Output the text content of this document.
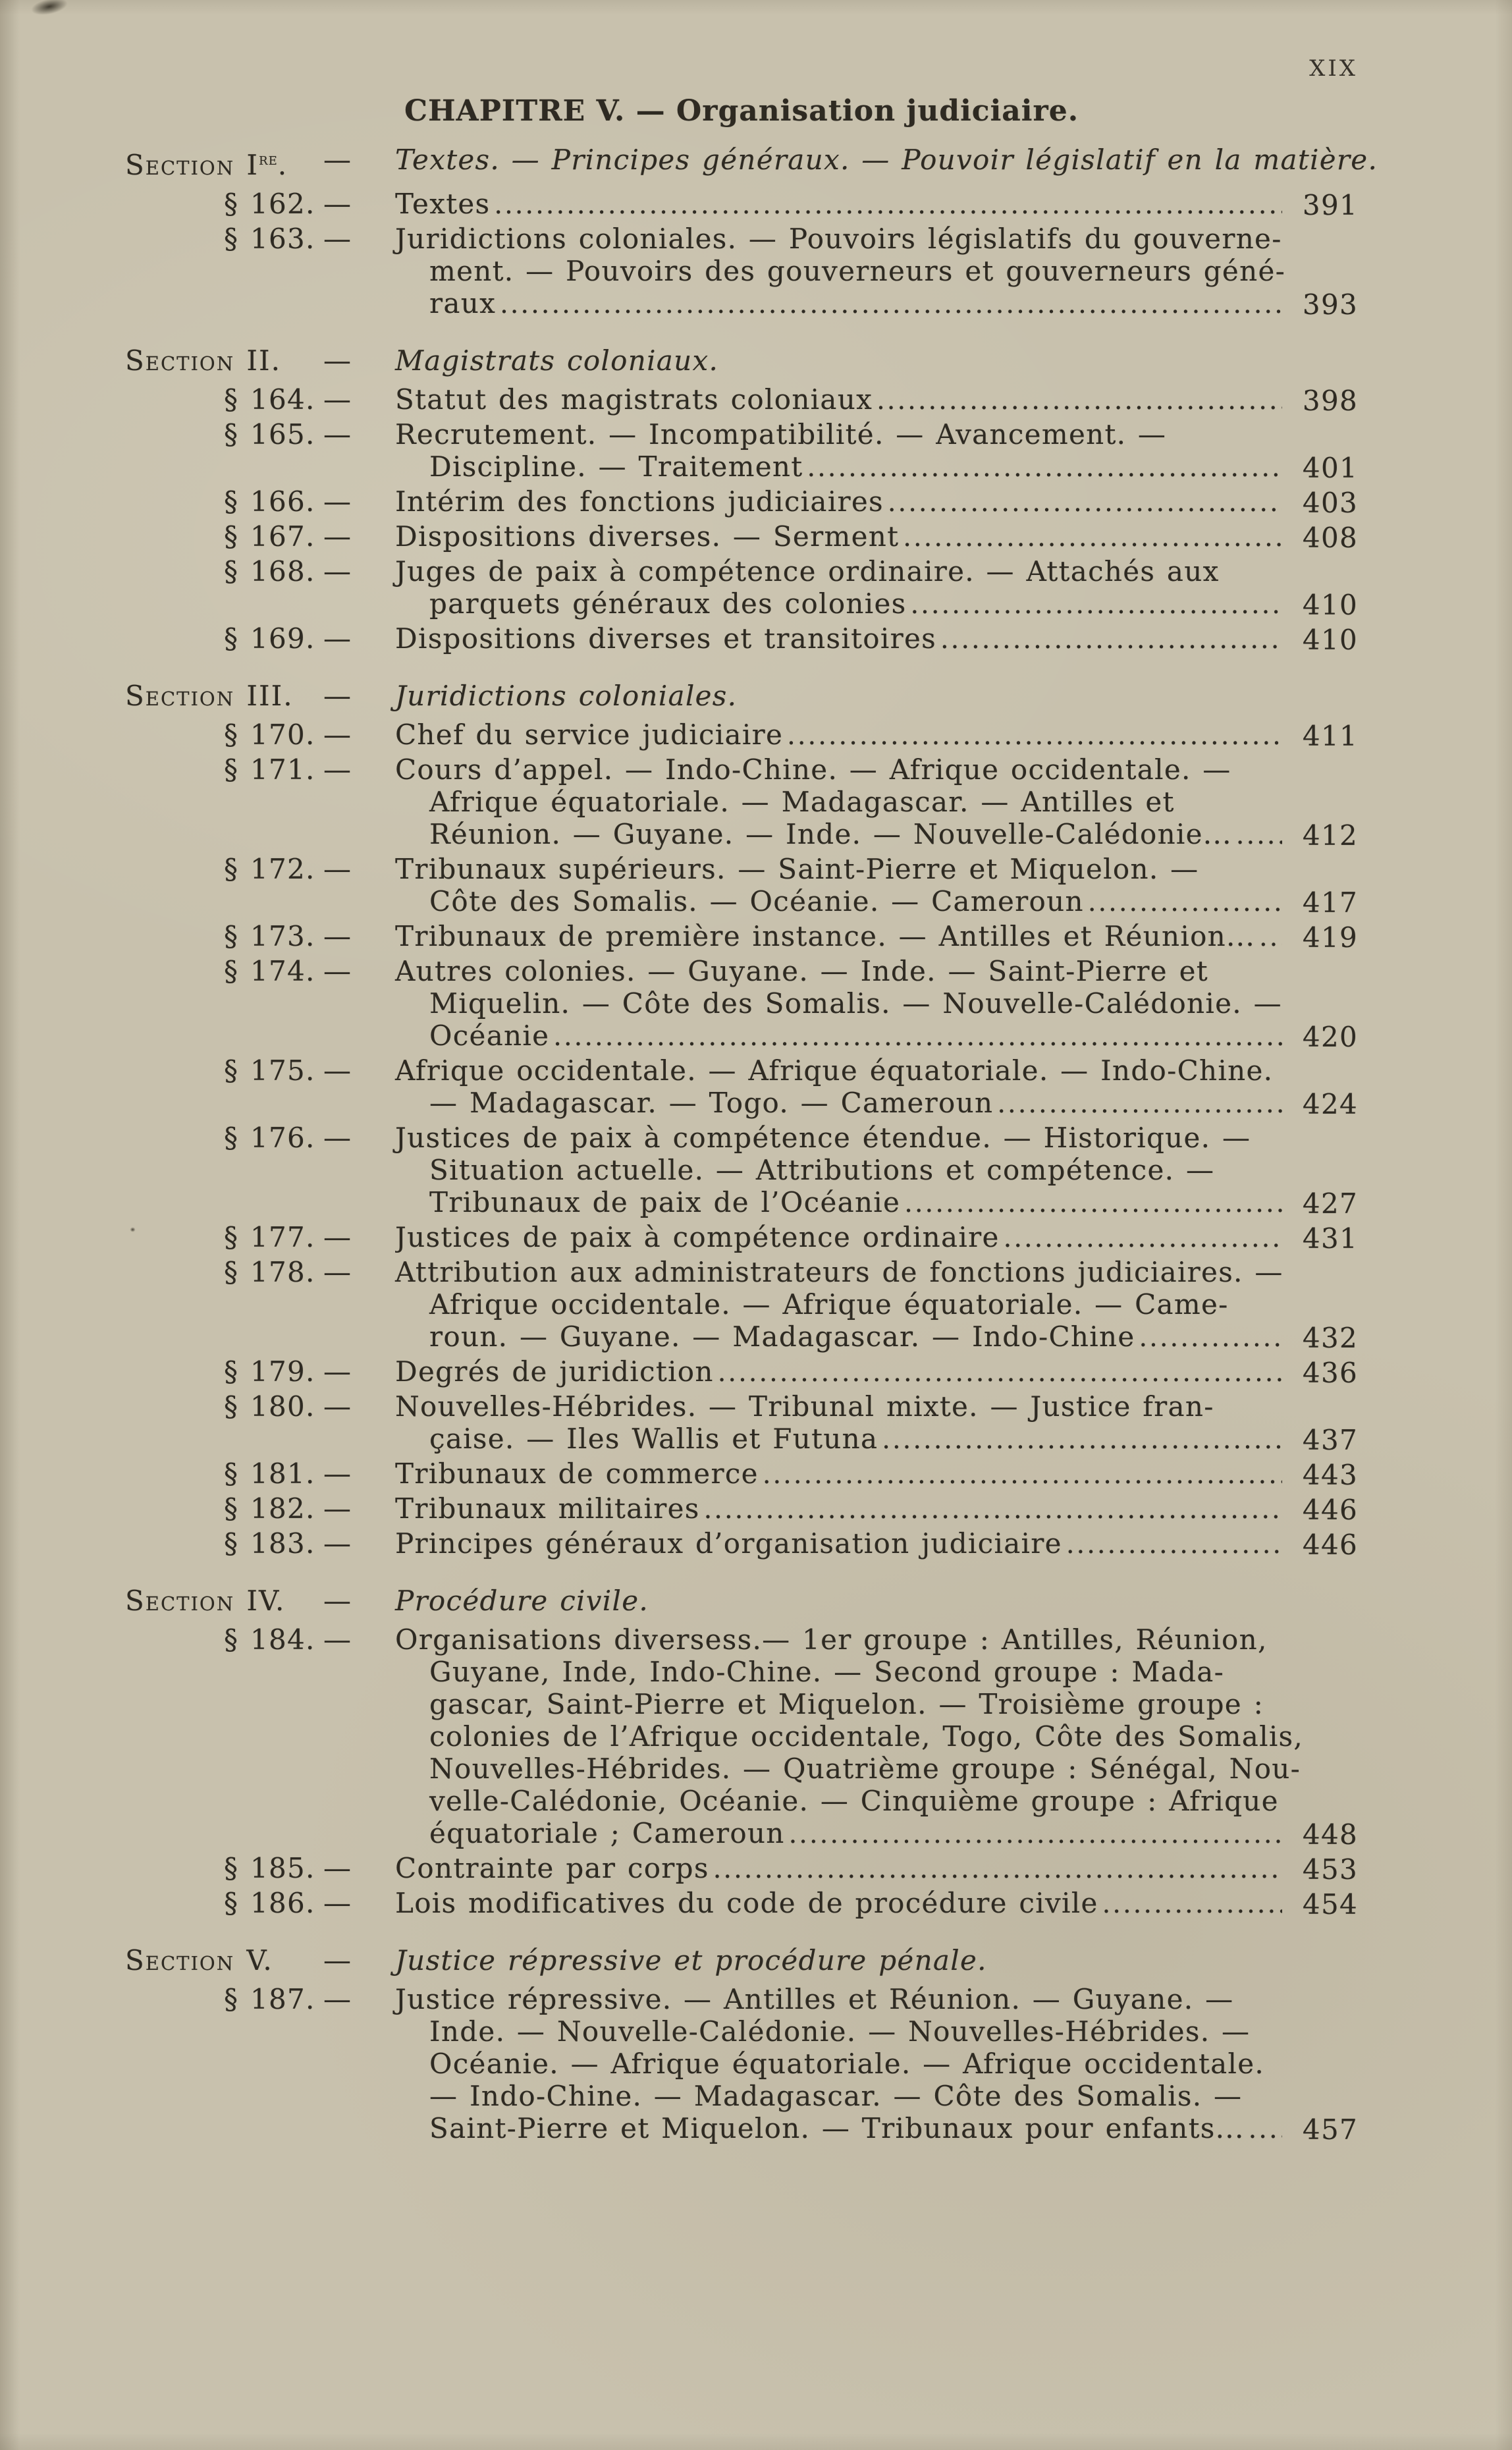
XIX
CHAPITRE V. — Organisation judiciaire.
Section Ire.	—	Textes. — Principes généraux. — Pouvoir législatif en la matière.
§ 162. —	Textes .....	391
§ 163. —	Juridictions coloniales. — Pouvoirs législatifs du gouverne-
ment. — Pouvoirs des gouverneurs et gouverneurs géné-
raux .....	393
Section II.	—	Magistrats coloniaux.
§ 164. —	Statut des magistrats coloniaux .....	398
§ 165. —	Recrutement. — Incompatibilité. — Avancement. —
Discipline. — Traitement .....	401
§ 166. —	Intérim des fonctions judiciaires .....	403
§ 167. —	Dispositions diverses. — Serment .....	408
§ 168. —	Juges de paix à compétence ordinaire. — Attachés aux
parquets généraux des colonies .....	410
§ 169. —	Dispositions diverses et transitoires .....	410
Section III.	—	Juridictions coloniales.
§ 170. —	Chef du service judiciaire .....	411
§ 171. —	Cours d’appel. — Indo-Chine. — Afrique occidentale. —
Afrique équatoriale. — Madagascar. — Antilles et
Réunion. — Guyane. — Inde. — Nouvelle-Calédonie... .....	412
§ 172. —	Tribunaux supérieurs. — Saint-Pierre et Miquelon. —
Côte des Somalis. — Océanie. — Cameroun .....	417
§ 173. —	Tribunaux de première instance. — Antilles et Réunion... .....	419
§ 174. —	Autres colonies. — Guyane. — Inde. — Saint-Pierre et
Miquelin. — Côte des Somalis. — Nouvelle-Calédonie. —
Océanie .....	420
§ 175. —	Afrique occidentale. — Afrique équatoriale. — Indo-Chine.
— Madagascar. — Togo. — Cameroun .....	424
§ 176. —	Justices de paix à compétence étendue. — Historique. —
Situation actuelle. — Attributions et compétence. —
Tribunaux de paix de l’Océanie .....	427
§ 177. —	Justices de paix à compétence ordinaire .....	431
§ 178. —	Attribution aux administrateurs de fonctions judiciaires. —
Afrique occidentale. — Afrique équatoriale. — Came-
roun. — Guyane. — Madagascar. — Indo-Chine .....	432
§ 179. —	Degrés de juridiction .....	436
§ 180. —	Nouvelles-Hébrides. — Tribunal mixte. — Justice fran-
çaise. — Iles Wallis et Futuna .....	437
§ 181. —	Tribunaux de commerce .....	443
§ 182. —	Tribunaux militaires .....	446
§ 183. —	Principes généraux d’organisation judiciaire .....	446
Section IV.	—	Procédure civile.
§ 184. —	Organisations diversess.— 1er groupe : Antilles, Réunion,
Guyane, Inde, Indo-Chine. — Second groupe : Mada-
gascar, Saint-Pierre et Miquelon. — Troisième groupe :
colonies de l’Afrique occidentale, Togo, Côte des Somalis,
Nouvelles-Hébrides. — Quatrième groupe : Sénégal, Nou-
velle-Calédonie, Océanie. — Cinquième groupe : Afrique
équatoriale ; Cameroun .....	448
§ 185. —	Contrainte par corps .....	453
§ 186. —	Lois modificatives du code de procédure civile .....	454
Section V.	—	Justice répressive et procédure pénale.
§ 187. —	Justice répressive. — Antilles et Réunion. — Guyane. —
Inde. — Nouvelle-Calédonie. — Nouvelles-Hébrides. —
Océanie. — Afrique équatoriale. — Afrique occidentale.
— Indo-Chine. — Madagascar. — Côte des Somalis. —
Saint-Pierre et Miquelon. — Tribunaux pour enfants... .....	457
